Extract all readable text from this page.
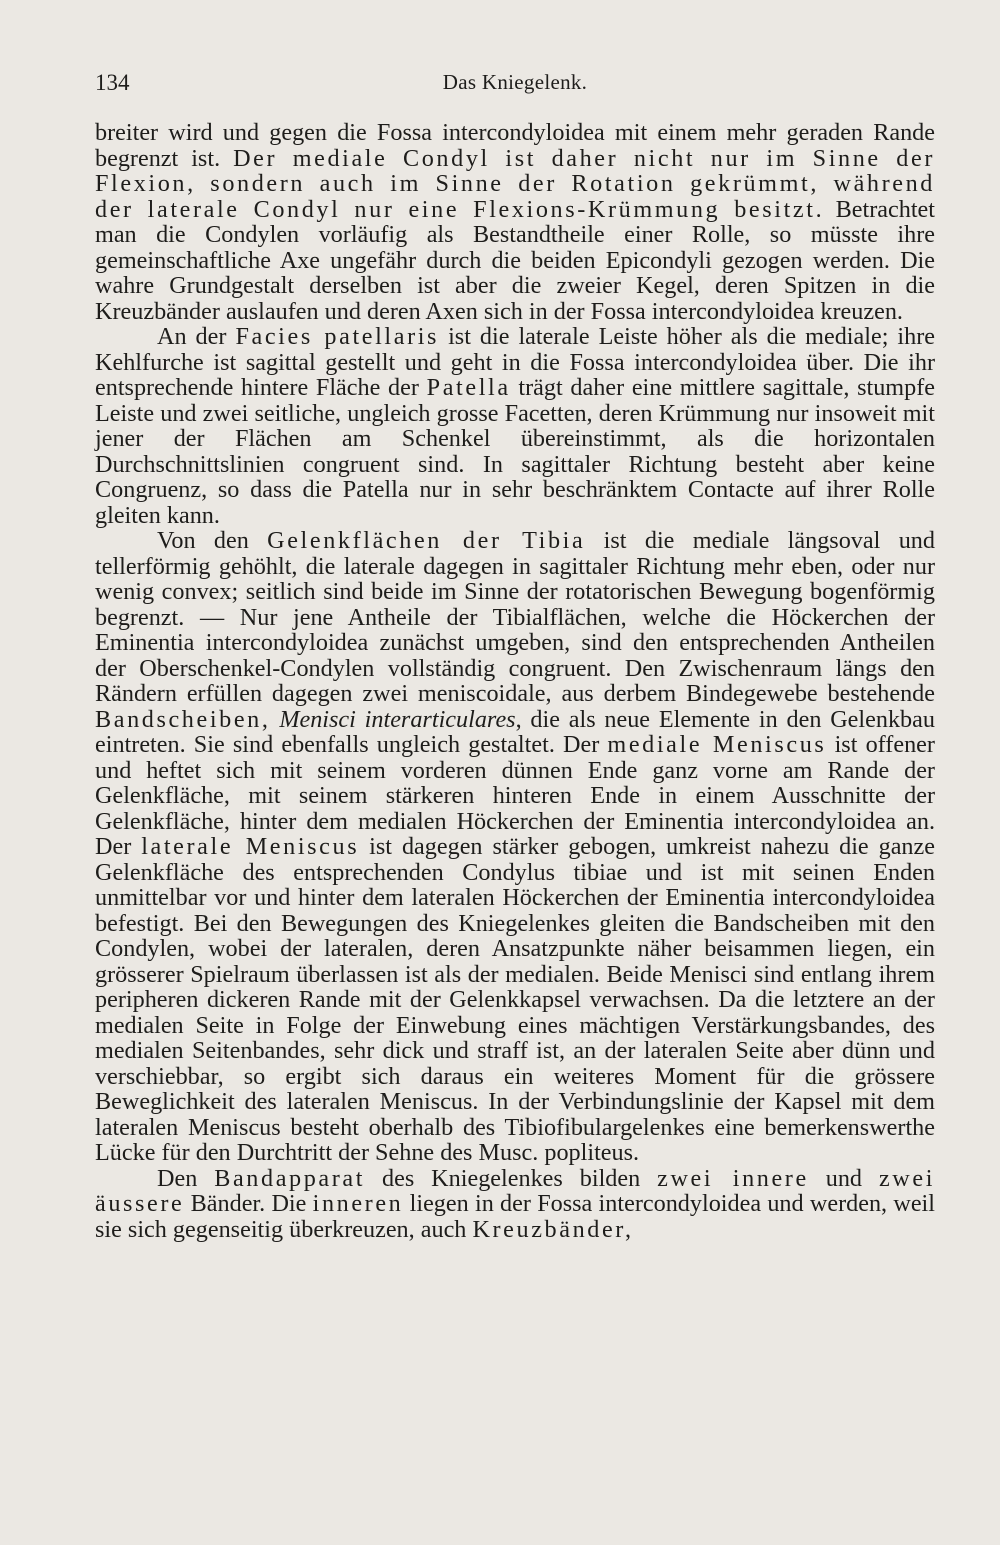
134	Das Kniegelenk.

breiter wird und gegen die Fossa intercondyloidea mit einem mehr geraden Rande begrenzt ist. Der mediale Condyl ist daher nicht nur im Sinne der Flexion, sondern auch im Sinne der Rotation gekrümmt, während der laterale Condyl nur eine Flexions-Krümmung besitzt. Betrachtet man die Condylen vorläufig als Bestandtheile einer Rolle, so müsste ihre gemeinschaftliche Axe ungefähr durch die beiden Epicondyli gezogen werden. Die wahre Grundgestalt derselben ist aber die zweier Kegel, deren Spitzen in die Kreuzbänder auslaufen und deren Axen sich in der Fossa intercondyloidea kreuzen.

An der Facies patellaris ist die laterale Leiste höher als die mediale; ihre Kehlfurche ist sagittal gestellt und geht in die Fossa intercondyloidea über. Die ihr entsprechende hintere Fläche der Patella trägt daher eine mittlere sagittale, stumpfe Leiste und zwei seitliche, ungleich grosse Facetten, deren Krümmung nur insoweit mit jener der Flächen am Schenkel übereinstimmt, als die horizontalen Durchschnittslinien congruent sind. In sagittaler Richtung besteht aber keine Congruenz, so dass die Patella nur in sehr beschränktem Contacte auf ihrer Rolle gleiten kann.

Von den Gelenkflächen der Tibia ist die mediale längsoval und tellerförmig gehöhlt, die laterale dagegen in sagittaler Richtung mehr eben, oder nur wenig convex; seitlich sind beide im Sinne der rotatorischen Bewegung bogenförmig begrenzt. — Nur jene Antheile der Tibialflächen, welche die Höckerchen der Eminentia intercondyloidea zunächst umgeben, sind den entsprechenden Antheilen der Oberschenkel-Condylen vollständig congruent. Den Zwischenraum längs den Rändern erfüllen dagegen zwei meniscoidale, aus derbem Bindegewebe bestehende Bandscheiben, Menisci interarticulares, die als neue Elemente in den Gelenkbau eintreten. Sie sind ebenfalls ungleich gestaltet. Der mediale Meniscus ist offener und heftet sich mit seinem vorderen dünnen Ende ganz vorne am Rande der Gelenkfläche, mit seinem stärkeren hinteren Ende in einem Ausschnitte der Gelenkfläche, hinter dem medialen Höckerchen der Eminentia intercondyloidea an. Der laterale Meniscus ist dagegen stärker gebogen, umkreist nahezu die ganze Gelenkfläche des entsprechenden Condylus tibiae und ist mit seinen Enden unmittelbar vor und hinter dem lateralen Höckerchen der Eminentia intercondyloidea befestigt. Bei den Bewegungen des Kniegelenkes gleiten die Bandscheiben mit den Condylen, wobei der lateralen, deren Ansatzpunkte näher beisammen liegen, ein grösserer Spielraum überlassen ist als der medialen. Beide Menisci sind entlang ihrem peripheren dickeren Rande mit der Gelenkkapsel verwachsen. Da die letztere an der medialen Seite in Folge der Einwebung eines mächtigen Verstärkungsbandes, des medialen Seitenbandes, sehr dick und straff ist, an der lateralen Seite aber dünn und verschiebbar, so ergibt sich daraus ein weiteres Moment für die grössere Beweglichkeit des lateralen Meniscus. In der Verbindungslinie der Kapsel mit dem lateralen Meniscus besteht oberhalb des Tibiofibulargelenkes eine bemerkenswerthe Lücke für den Durchtritt der Sehne des Musc. popliteus.

Den Bandapparat des Kniegelenkes bilden zwei innere und zwei äussere Bänder. Die inneren liegen in der Fossa intercondyloidea und werden, weil sie sich gegenseitig überkreuzen, auch Kreuzbänder,
